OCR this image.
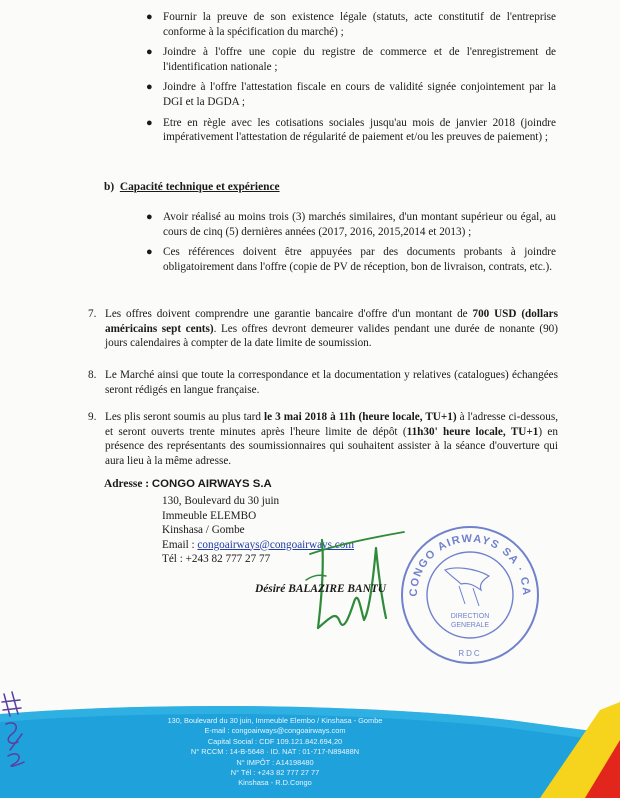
● Fournir la preuve de son existence légale (statuts, acte constitutif de l'entreprise conforme à la spécification du marché) ;
● Joindre à l'offre une copie du registre de commerce et de l'enregistrement de l'identification nationale ;
● Joindre à l'offre l'attestation fiscale en cours de validité signée conjointement par la DGI et la DGDA ;
● Etre en règle avec les cotisations sociales jusqu'au mois de janvier 2018 (joindre impérativement l'attestation de régularité de paiement et/ou les preuves de paiement) ;
b) Capacité technique et expérience
● Avoir réalisé au moins trois (3) marchés similaires, d'un montant supérieur ou égal, au cours de cinq (5) dernières années (2017, 2016, 2015,2014 et 2013) ;
● Ces références doivent être appuyées par des documents probants à joindre obligatoirement dans l'offre (copie de PV de réception, bon de livraison, contrats, etc.).
7. Les offres doivent comprendre une garantie bancaire d'offre d'un montant de 700 USD (dollars américains sept cents). Les offres devront demeurer valides pendant une durée de nonante (90) jours calendaires à compter de la date limite de soumission.
8. Le Marché ainsi que toute la correspondance et la documentation y relatives (catalogues) échangées seront rédigés en langue française.
9. Les plis seront soumis au plus tard le 3 mai 2018 à 11h (heure locale, TU+1) à l'adresse ci-dessous, et seront ouverts trente minutes après l'heure limite de dépôt (11h30' heure locale, TU+1) en présence des représentants des soumissionnaires qui souhaitent assister à la séance d'ouverture qui aura lieu à la même adresse.
Adresse : CONGO AIRWAYS S.A
130, Boulevard du 30 juin
Immeuble ELEMBO
Kinshasa / Gombe
Email : congoairways@congoairways.com
Tél : +243 82 777 27 77
Désiré BALAZIRE BANTU CONGO AIRWAYS SA · CA
DIRECTION
GENERALE
RDC
130, Boulevard du 30 juin, Immeuble Elembo / Kinshasa - Gombe
E-mail : congoairways@congoairways.com
Capital Social : CDF 109.121.842.694,20
N° RCCM : 14-B-5648 · ID. NAT : 01-717-N89488N
N° IMPÔT : A14198480
N° Tél : +243 82 777 27 77
Kinshasa - R.D.Congo
